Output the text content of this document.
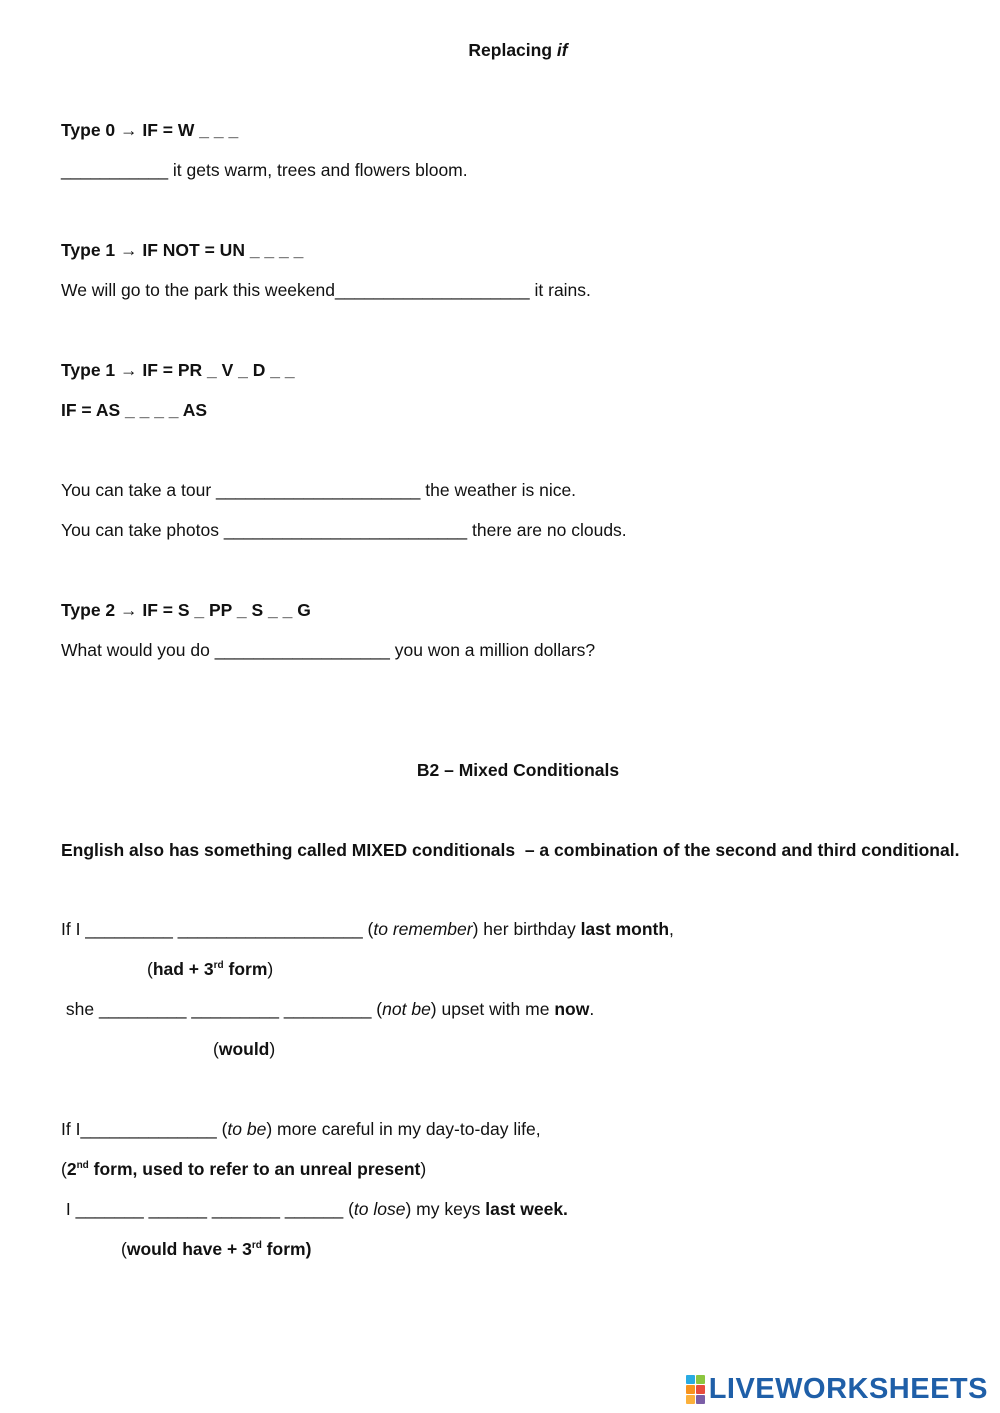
Replacing if
Type 0 → IF = W _ _ _
___________ it gets warm, trees and flowers bloom.
Type 1 → IF NOT = UN _ _ _ _
We will go to the park this weekend____________________ it rains.
Type 1 → IF = PR _ V _ D _ _
IF = AS _ _ _ _ AS
You can take a tour _____________________ the weather is nice.
You can take photos _________________________ there are no clouds.
Type 2 → IF = S _ PP _ S _ _ G
What would you do __________________ you won a million dollars?
B2 – Mixed Conditionals
English also has something called MIXED conditionals  – a combination of the second and third conditional.
If I _________ ___________________ (to remember) her birthday last month,
(had + 3rd form)
she _________ _________ _________ (not be) upset with me now.
(would)
If I______________ (to be) more careful in my day-to-day life,
(2nd form, used to refer to an unreal present)
I _______ ______ _______ ______ (to lose) my keys last week.
(would have + 3rd form)
LIVEWORKSHEETS
